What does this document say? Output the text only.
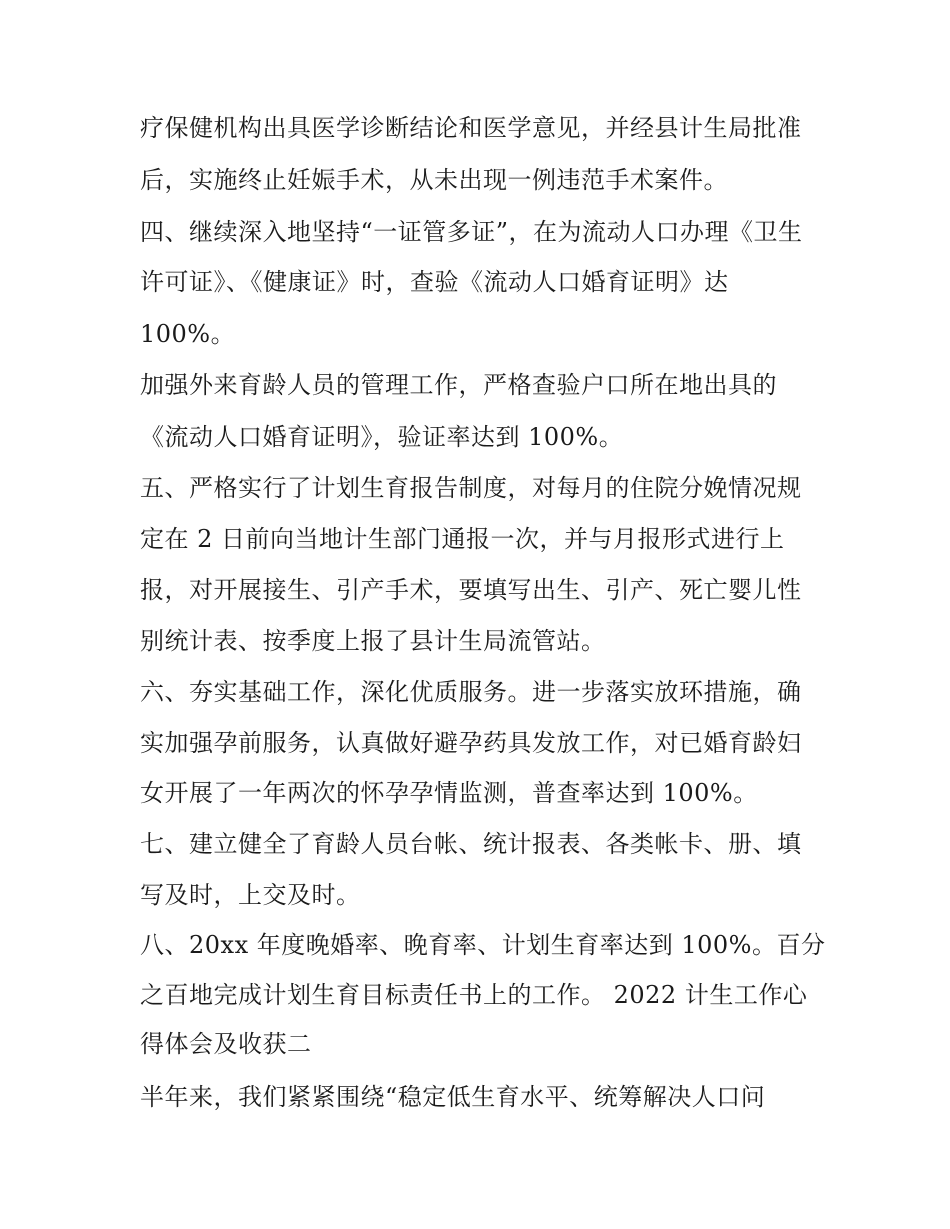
疗保健机构出具医学诊断结论和医学意见，并经县计生局批准
后，实施终止妊娠手术，从未出现一例违范手术案件。
四、继续深入地坚持“一证管多证”，在为流动人口办理《卫生
许可证》、《健康证》时，查验《流动人口婚育证明》达
100%。
加强外来育龄人员的管理工作，严格查验户口所在地出具的
《流动人口婚育证明》，验证率达到 100%。
五、严格实行了计划生育报告制度，对每月的住院分娩情况规
定在 2 日前向当地计生部门通报一次，并与月报形式进行上
报，对开展接生、引产手术，要填写出生、引产、死亡婴儿性
别统计表、按季度上报了县计生局流管站。
六、夯实基础工作，深化优质服务。进一步落实放环措施，确
实加强孕前服务，认真做好避孕药具发放工作，对已婚育龄妇
女开展了一年两次的怀孕孕情监测，普查率达到 100%。
七、建立健全了育龄人员台帐、统计报表、各类帐卡、册、填
写及时，上交及时。
八、20xx 年度晚婚率、晚育率、计划生育率达到 100%。百分
之百地完成计划生育目标责任书上的工作。 2022 计生工作心
得体会及收获二
半年来，我们紧紧围绕“稳定低生育水平、统筹解决人口问
